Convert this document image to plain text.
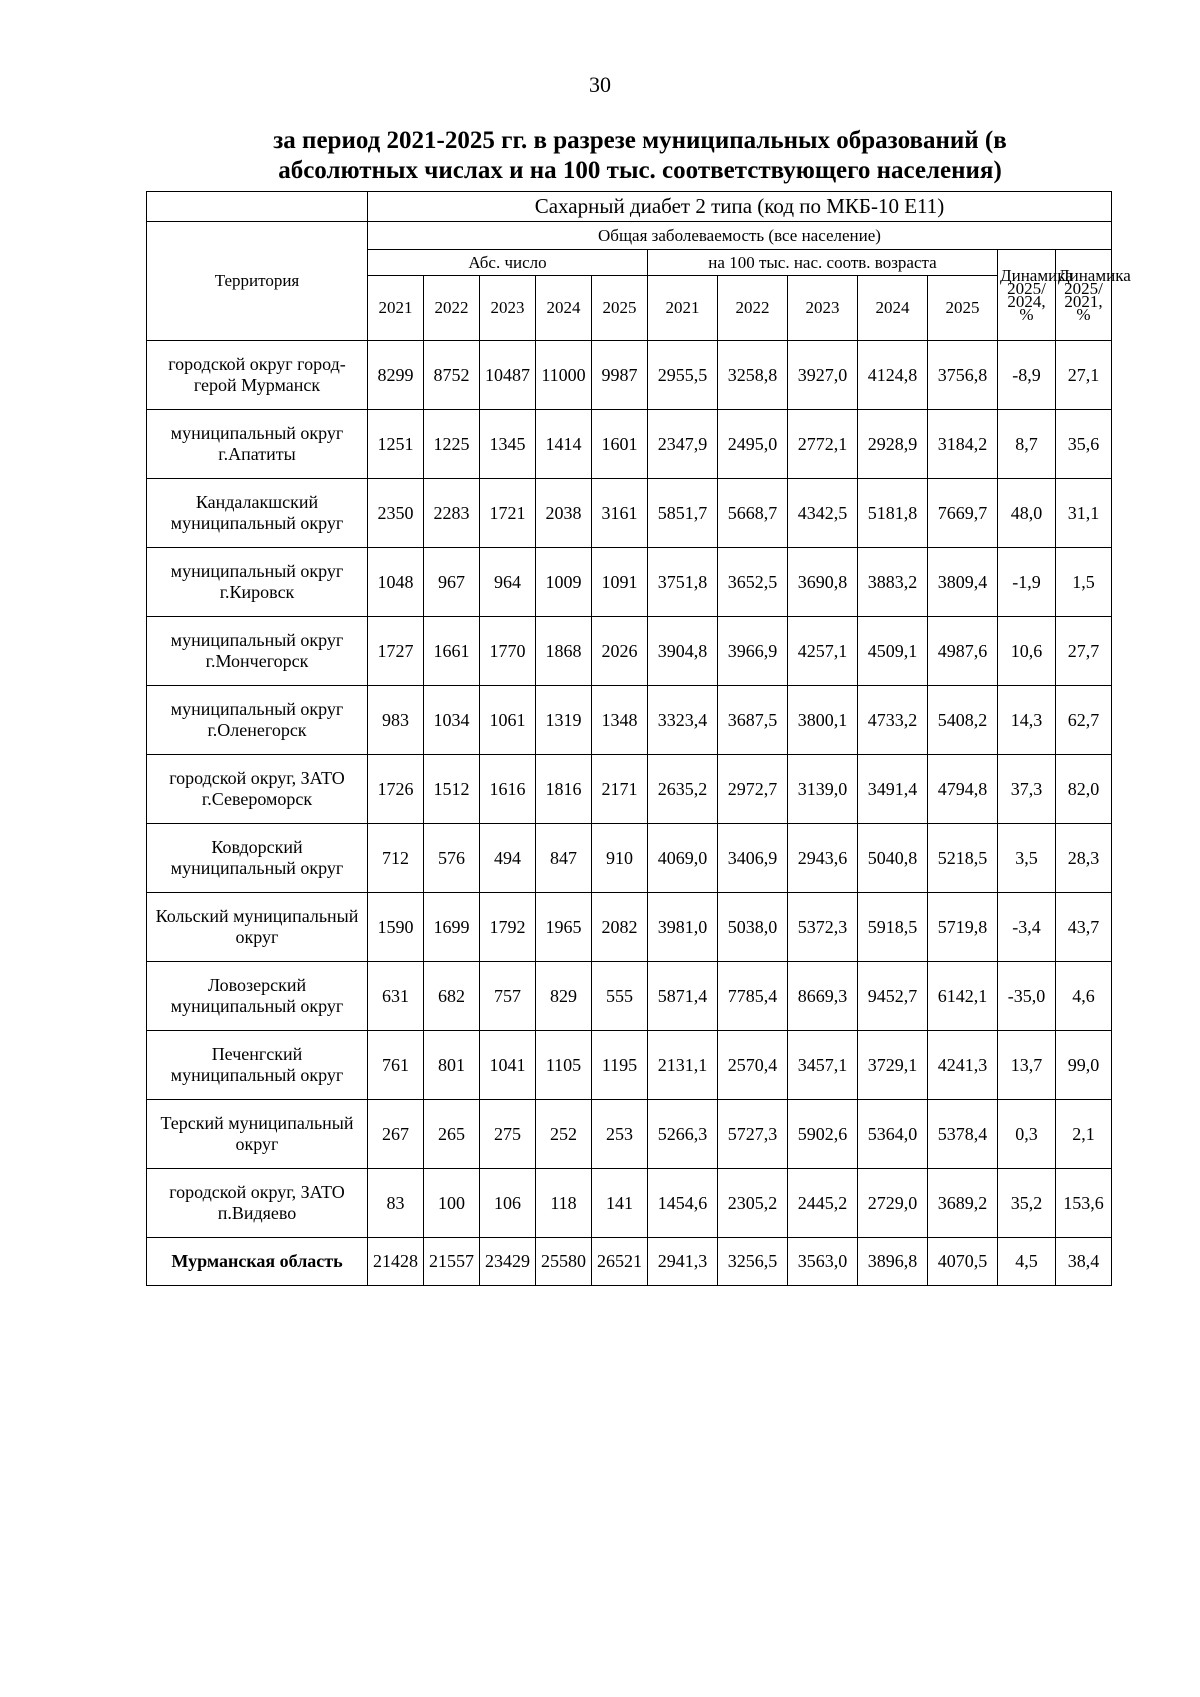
30
за период 2021-2025 гг. в разрезе муниципальных образований (в
абсолютных числах и на 100 тыс. соответствующего населения)
	Сахарный диабет 2 типа (код по МКБ-10 Е11)											
Территория	Общая заболеваемость (все население)											
	Абс. число					на 100 тыс. нас. соотв. возраста					Динамика 2025/ 2024, %	Динамика 2025/ 2021, %
	2021	2022	2023	2024	2025	2021	2022	2023	2024	2025		
городской округ город-герой Мурманск	8299	8752	10487	11000	9987	2955,5	3258,8	3927,0	4124,8	3756,8	-8,9	27,1
муниципальный округ г.Апатиты	1251	1225	1345	1414	1601	2347,9	2495,0	2772,1	2928,9	3184,2	8,7	35,6
Кандалакшский муниципальный округ	2350	2283	1721	2038	3161	5851,7	5668,7	4342,5	5181,8	7669,7	48,0	31,1
муниципальный округ г.Кировск	1048	967	964	1009	1091	3751,8	3652,5	3690,8	3883,2	3809,4	-1,9	1,5
муниципальный округ г.Мончегорск	1727	1661	1770	1868	2026	3904,8	3966,9	4257,1	4509,1	4987,6	10,6	27,7
муниципальный округ г.Оленегорск	983	1034	1061	1319	1348	3323,4	3687,5	3800,1	4733,2	5408,2	14,3	62,7
городской округ, ЗАТО г.Североморск	1726	1512	1616	1816	2171	2635,2	2972,7	3139,0	3491,4	4794,8	37,3	82,0
Ковдорский муниципальный округ	712	576	494	847	910	4069,0	3406,9	2943,6	5040,8	5218,5	3,5	28,3
Кольский муниципальный округ	1590	1699	1792	1965	2082	3981,0	5038,0	5372,3	5918,5	5719,8	-3,4	43,7
Ловозерский муниципальный округ	631	682	757	829	555	5871,4	7785,4	8669,3	9452,7	6142,1	-35,0	4,6
Печенгский муниципальный округ	761	801	1041	1105	1195	2131,1	2570,4	3457,1	3729,1	4241,3	13,7	99,0
Терский муниципальный округ	267	265	275	252	253	5266,3	5727,3	5902,6	5364,0	5378,4	0,3	2,1
городской округ, ЗАТО п.Видяево	83	100	106	118	141	1454,6	2305,2	2445,2	2729,0	3689,2	35,2	153,6
Мурманская область	21428	21557	23429	25580	26521	2941,3	3256,5	3563,0	3896,8	4070,5	4,5	38,4
